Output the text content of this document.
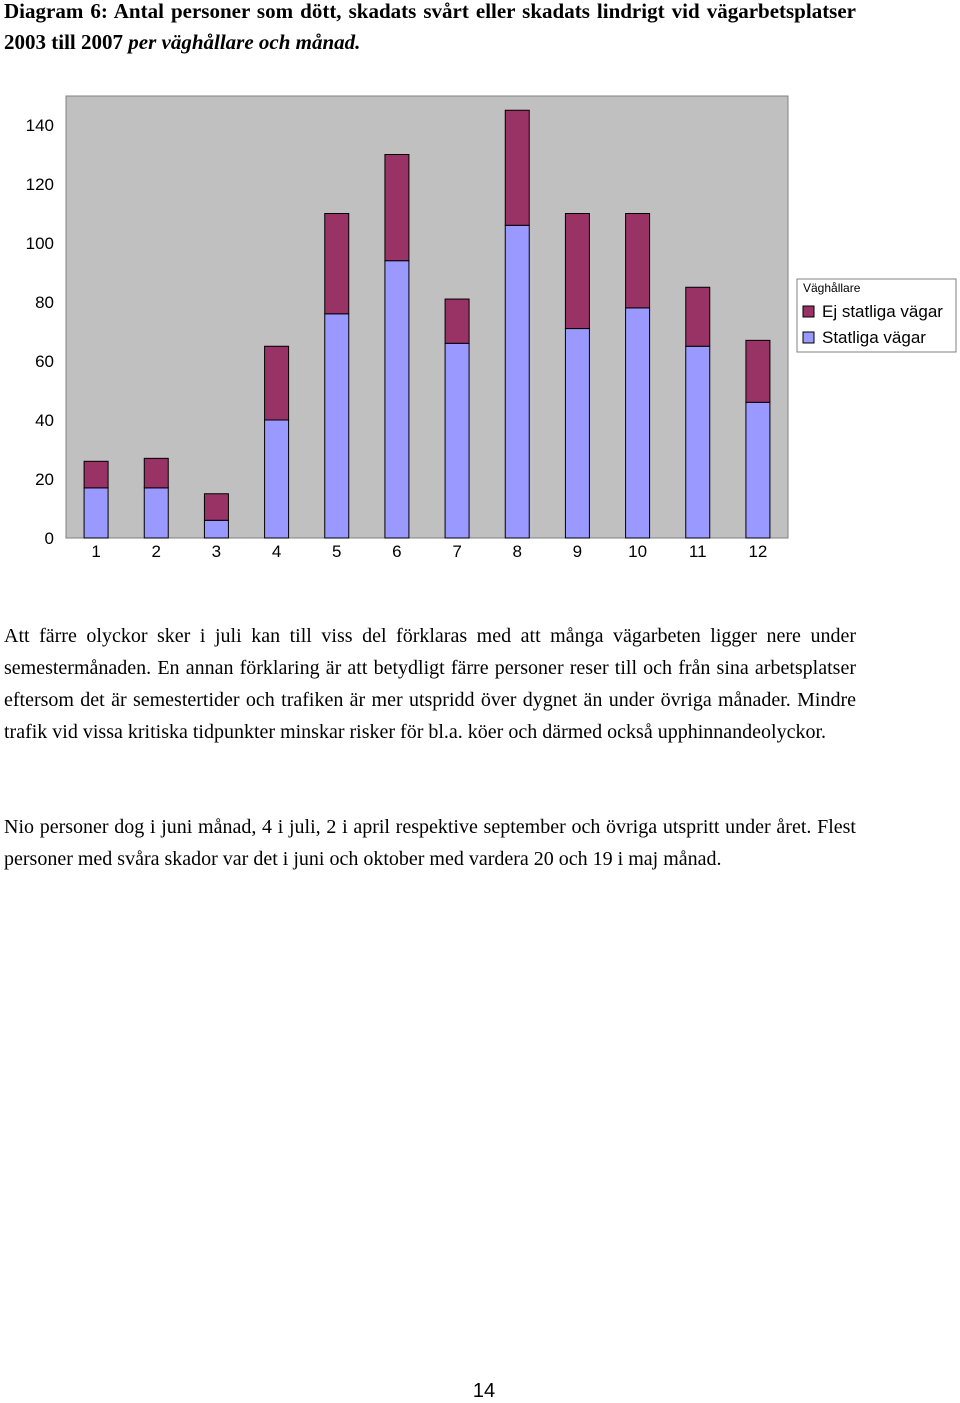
Diagram 6: Antal personer som dött, skadats svårt eller skadats lindrigt vid vägarbetsplatser 2003 till 2007 per väghållare och månad.
0
20
40
60
80
100
120
140
1	2	3	4	5	6	7	8	9	10 11 12
Väghållare
Ej statliga vägar
Statliga vägar
Att färre olyckor sker i juli kan till viss del förklaras med att många vägarbeten ligger nere under semestermånaden. En annan förklaring är att betydligt färre personer reser till och från sina arbetsplatser eftersom det är semestertider och trafiken är mer utspridd över dygnet än under övriga månader. Mindre trafik vid vissa kritiska tidpunkter minskar risker för bl.a. köer och därmed också upphinnandeolyckor.
Nio personer dog i juni månad, 4 i juli, 2 i april respektive september och övriga utspritt under året. Flest personer med svåra skador var det i juni och oktober med vardera 20 och 19 i maj månad.
14
